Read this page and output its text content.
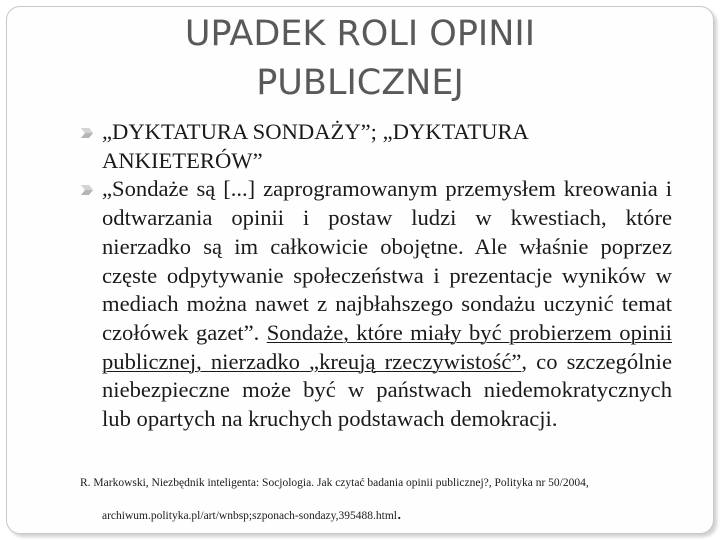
UPADEK ROLI OPINII
PUBLICZNEJ

„DYKTATURA SONDAŻY”; „DYKTATURA ANKIETERÓW”

„Sondaże są [...] zaprogramowanym przemysłem kreowania i odtwarzania opinii i postaw ludzi w kwestiach, które nierzadko są im całkowicie obojętne. Ale właśnie poprzez częste odpytywanie społeczeństwa i prezentacje wyników w mediach można nawet z najbłahszego sondażu uczynić temat czołówek gazet”. Sondaże, które miały być probierzem opinii publicznej, nierzadko „kreują rzeczywistość”, co szczególnie niebezpieczne może być w państwach niedemokratycznych lub opartych na kruchych podstawach demokracji.

R. Markowski, Niezbędnik inteligenta: Socjologia. Jak czytać badania opinii publicznej?, Polityka nr 50/2004,
archiwum.polityka.pl/art/wnbsp;szponach-sondazy,395488.html.
